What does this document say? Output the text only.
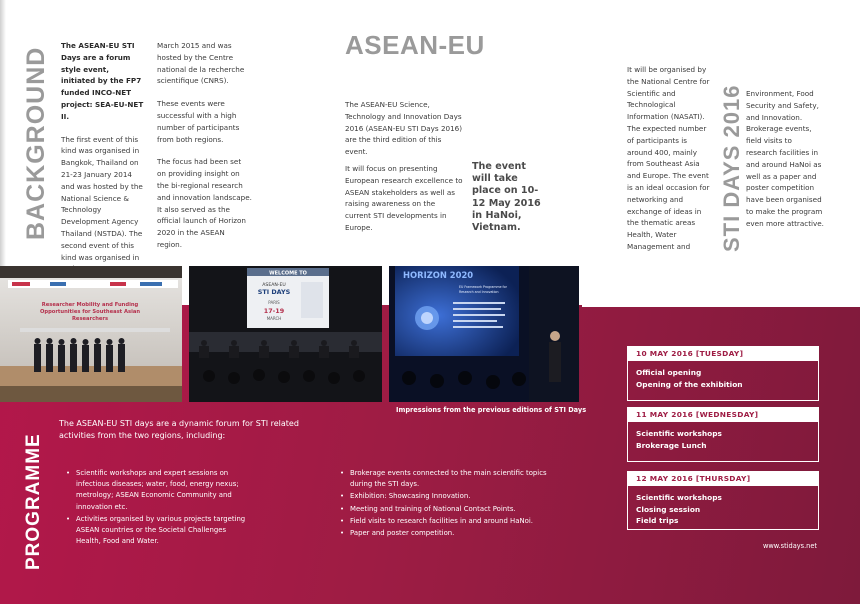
BACKGROUND

The ASEAN-EU STI Days are a forum style event, initiated by the FP7 funded INCO-NET project: SEA-EU-NET II.

The first event of this kind was organised in Bangkok, Thailand on 21-23 January 2014 and was hosted by the National Science & Technology Development Agency Thailand (NSTDA). The second event of this kind was organised in

March 2015 and was hosted by the Centre national de la recherche scientifique (CNRS).

These events were successful with a high number of participants from both regions.

The focus had been set on providing insight on the bi-regional research and innovation landscape. It also served as the official launch of Horizon 2020 in the ASEAN region.

ASEAN-EU
The ASEAN-EU Science, Technology and Innovation Days 2016 (ASEAN-EU STI Days 2016) are the third edition of this event.
It will focus on presenting European research excellence to ASEAN stakeholders as well as raising awareness on the current STI developments in Europe.
The event will take place on 10-12 May 2016 in HaNoi, Vietnam.
It will be organised by the National Centre for Scientific and Technological Information (NASATI). The expected number of participants is around 400, mainly from Southeast Asia and Europe. The event is an ideal occasion for networking and exchange of ideas in the thematic areas Health, Water Management and	STI DAYS 2016 Environment, Food Security and Safety, and Innovation. Brokerage events, field visits to research facilities in and around HaNoi as well as a paper and poster competition have been organised to make the program even more attractive.
Researcher Mobility and Funding
Opportunities for Southeast Asian
Researchers
WELCOME TO
ASEAN-EU
STI DAYS
PARIS
17-19
MARCH
HORIZON 2020
EU Framework Programme for
Research and Innovation
Impressions from the previous editions of STI Days
PROGRAMME
The ASEAN-EU STI days are a dynamic forum for STI related activities from the two regions, including:
• Scientific workshops and expert sessions on infectious diseases; water, food, energy nexus; metrology; ASEAN Economic Community and innovation etc.
• Activities organised by various projects targeting ASEAN countries or the Societal Challenges Health, Food and Water.
• Brokerage events connected to the main scientific topics during the STI days.
• Exhibition: Showcasing Innovation.
• Meeting and training of National Contact Points.
• Field visits to research facilities in and around HaNoi.
• Paper and poster competition.
10 MAY 2016 [TUESDAY]
Official opening
Opening of the exhibition
11 MAY 2016 [WEDNESDAY]
Scientific workshops
Brokerage Lunch
12 MAY 2016 [THURSDAY]
Scientific workshops
Closing session
Field trips
www.stidays.net
